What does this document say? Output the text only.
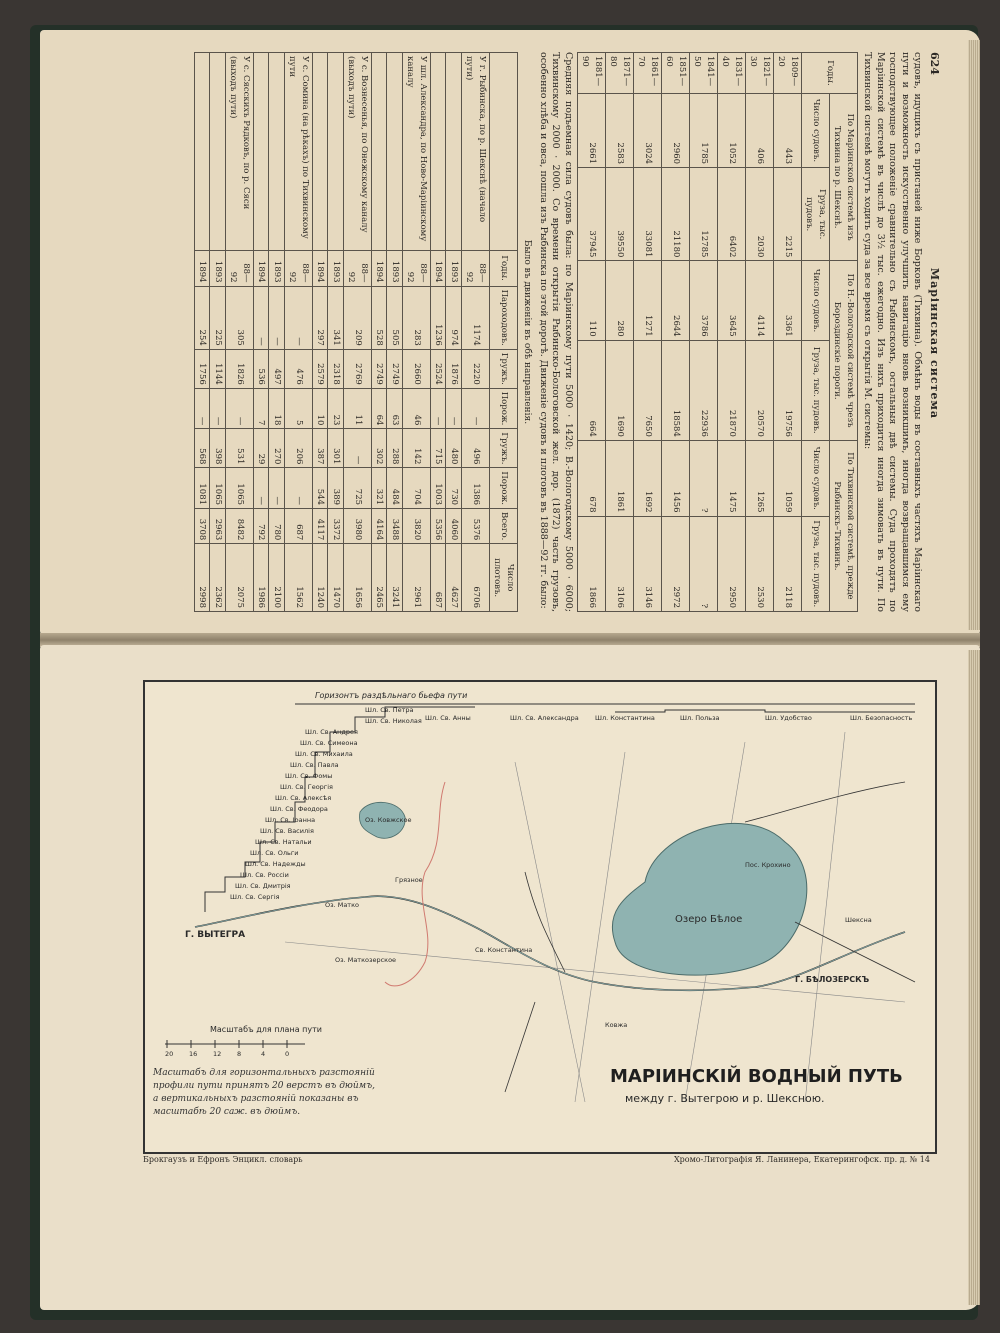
624
Маріинская система

судовъ, идущихъ съ пристаней ниже Борковъ (Тихвина). Обмѣнъ воды въ составныхъ частяхъ Маріинскаго пути и возможность искусственно улучшить навигацію вновь возникшимъ, иногда возвращавшимся ему господствующее положеніе сравнительно съ Рыбинскомъ, остальныя двѣ системы. Суда проходятъ по Маріинской системѣ въ числѣ до 3½ тыс. ежегодно. Изъ нихъ приходится иногда зимовать въ пути. По Тихвинской системѣ могутъ ходить суда за все время съ открытія М. системы:

Годы.	По Маріинской системѣ изъ Тихвина по р. Шекснѣ.		По Н.-Вологодской системѣ чрезъ Бороздинскіе пороги.		По Тихвинской системѣ, прежде Рыбинскъ–Тихвинъ.	
	Число судовъ.	Груза, тыс. пудовъ.	Число судовъ.	Груза, тыс. пудовъ.	Число судовъ.	Груза, тыс. пудовъ.
1809—20	443	2215	3361	19756	1059	2118
1821—30	406	2030	4114	20570	1265	2530
1831—40	1052	6402	3645	21870	1475	2950
1841—50	1785	12785	3786	22936	?	?
1851—60	2960	21180	2644	18584	1456	2972
1861—70	3024	33081	1271	7650	1692	3146
1871—80	2583	39550	280	1690	1861	3106
1881—90	2661	37945	110	664	678	1866

Средняя подъемная сила судовъ была: по Маріинскому пути 5000 · 1420; В.-Вологодскому 5000 · 6000; Тихвинскому 2000 · 2000. Со времени открытія Рыбинско-Бологовской жел. дор. (1872) часть грузовъ, особенно хлѣба и овса, пошла изъ Рыбинска по этой дорогѣ. Движеніе судовъ и плотовъ въ 1888—92 гг. было:

Было въ движеніи въ обѣ направленія.
	Годы.	Пароходовъ.	Гружъ.	Порож.	Гружъ.	Порож.	Всего.	Число плотовъ.
У г. Рыбинска, по р. Шекснѣ (начало пути)	88—92	1174	2220	—	496	1386	5376	6706
	1893	974	1876	—	480	730	4060	4627
	1894	1236	2524	—	715	1003	5356	687
У шл. Александра, по Ново-Маріинскому каналу	88—92	283	2660	46	142	704	3820	2961
	1893	505	2749	63	288	484	3488	3241
	1894	528	2749	64	302	321	4164	2465
У с. Вознесенья, по Онежскому каналу (выходъ пути)	88—92	209	2769	11	—	725	3980	1656
	1893	341	2318	23	301	389	3372	1470
	1894	297	2579	10	387	544	4117	1240
У с. Сомина (на рѣкахъ) по Тихвинскому пути	88—92	—	476	5	206	—	687	1562
	1893	—	497	18	270	—	780	2100
	1894	—	536	7	29	—	792	1986
У с. Сясскихъ Рядковъ, по р. Сяси (выходъ пути)	88—92	305	1826	—	531	1065	8482	2075
	1893	225	1144	—	398	1065	2963	2362
	1894	254	1756	—	568	1081	3708	2998
Горизонтъ раздѣльнаго бьефа пути
Озеро Бѣлое
Оз. Ковжское
Г. ВЫТЕГРА
Оз. Матко
Оз. Маткозерское
Грязное
Св. Константина
Пос. Крохино
Г. БѢЛОЗЕРСКЪ
Ковжа
Шексна
Шл. Св. Петра
Шл. Св. Николая
Шл. Св. Андрея
Шл. Св. Симеона
Шл. Св. Михаила
Шл. Св. Павла
Шл. Св. Фомы
Шл. Св. Георгія
Шл. Св. Алексѣя
Шл. Св. Феодора
Шл. Св. Іоанна
Шл. Св. Василія
Шл. Св. Натальи
Шл. Св. Ольги
Шл. Св. Надежды
Шл. Св. Россіи
Шл. Св. Дмитрія
Шл. Св. Сергія
Шл. Св. Анны	Шл. Св. Александра	Шл. Константина	Шл. Польза	Шл. Удобство	Шл. Безопасность
Масштабъ для плана пути
20 16 12 8	4	0
МАРІИНСКІЙ ВОДНЫЙ ПУТЬ
между г. Вытегрою и р. Шексною.
Масштабъ для горизонтальныхъ разстояній
профили пути принятъ 20 верстъ въ дюймъ,
а вертикальныхъ разстояній показаны въ
масштабѣ 20 саж. въ дюймъ.
Брокгаузъ и Ефронъ Энцикл. словарь	Хромо-Литографія Я. Ланинера, Екатерингофск. пр. д. № 14
